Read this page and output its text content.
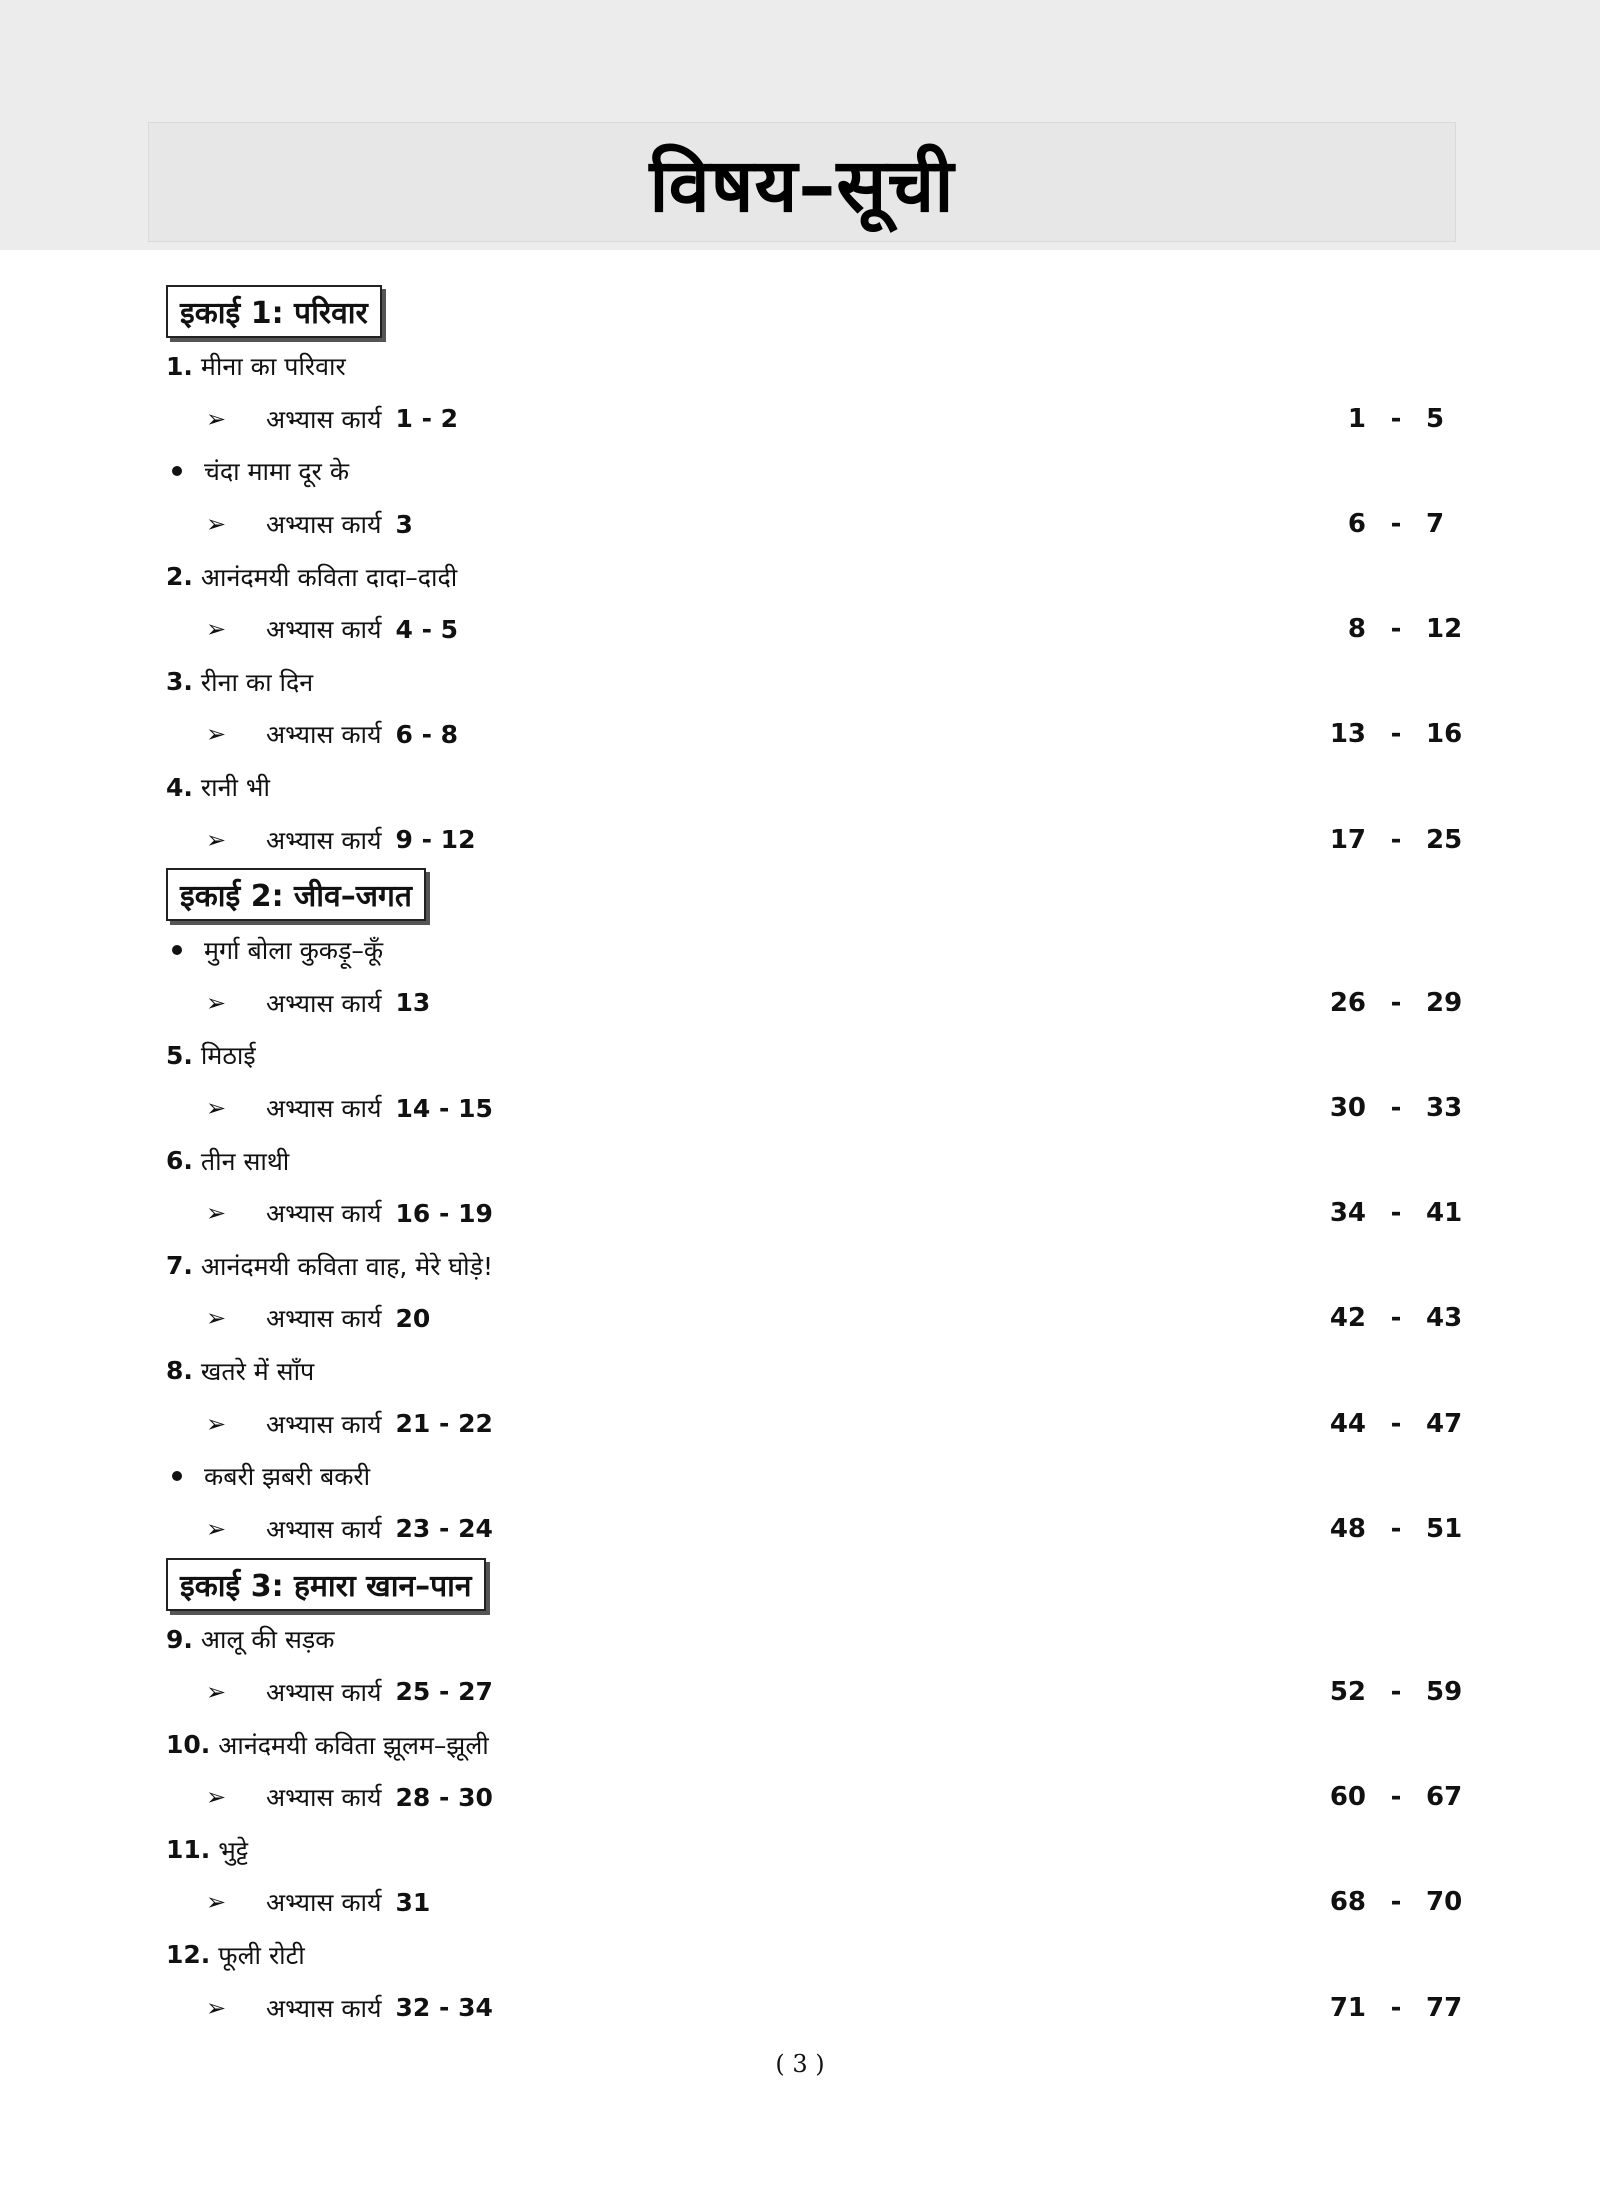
विषय–सूची
इकाई 1: परिवार
1. मीना का परिवार
➢	अभ्यास कार्य 1 - 2	1 - 5
चंदा मामा दूर के
➢	अभ्यास कार्य 3	6 - 7
2. आनंदमयी कविता दादा–दादी
➢	अभ्यास कार्य 4 - 5	8 - 12
3. रीना का दिन
➢	अभ्यास कार्य 6 - 8	13 - 16
4. रानी भी
➢	अभ्यास कार्य 9 - 12	17 - 25
इकाई 2: जीव–जगत
मुर्गा बोला कुकड़ू–कूँ
➢	अभ्यास कार्य 13	26 - 29
5. मिठाई
➢	अभ्यास कार्य 14 - 15	30 - 33
6. तीन साथी
➢	अभ्यास कार्य 16 - 19	34 - 41
7. आनंदमयी कविता वाह, मेरे घोड़े!
➢	अभ्यास कार्य 20	42 - 43
8. खतरे में साँप
➢	अभ्यास कार्य 21 - 22	44 - 47
कबरी झबरी बकरी
➢	अभ्यास कार्य 23 - 24	48 - 51
इकाई 3: हमारा खान–पान
9. आलू की सड़क
➢	अभ्यास कार्य 25 - 27	52 - 59
10. आनंदमयी कविता झूलम–झूली
➢	अभ्यास कार्य 28 - 30	60 - 67
11. भुट्टे
➢	अभ्यास कार्य 31	68 - 70
12. फूली रोटी
➢	अभ्यास कार्य 32 - 34	71 - 77
( 3 )
